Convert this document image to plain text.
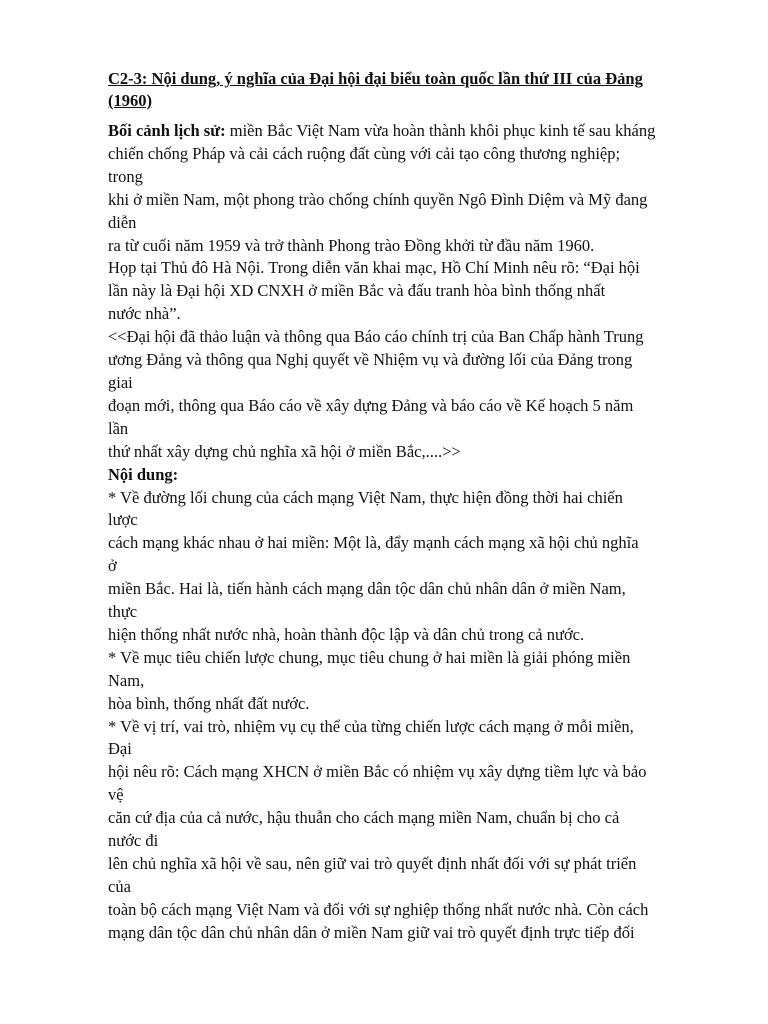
C2-3: Nội dung, ý nghĩa của Đại hội đại biểu toàn quốc lần thứ III của Đảng
(1960)

Bối cảnh lịch sử: miền Bắc Việt Nam vừa hoàn thành khôi phục kinh tế sau kháng

chiến chống Pháp và cải cách ruộng đất cùng với cải tạo công thương nghiệp;

trong

khi ở miền Nam, một phong trào chống chính quyền Ngô Đình Diệm và Mỹ đang

diễn

ra từ cuối năm 1959 và trở thành Phong trào Đồng khởi từ đầu năm 1960.

Họp tại Thủ đô Hà Nội. Trong diễn văn khai mạc, Hồ Chí Minh nêu rõ: “Đại hội

lần này là Đại hội XD CNXH ở miền Bắc và đấu tranh hòa bình thống nhất

nước nhà”.

<<Đại hội đã thảo luận và thông qua Báo cáo chính trị của Ban Chấp hành Trung

ương Đảng và thông qua Nghị quyết về Nhiệm vụ và đường lối của Đảng trong

giai

đoạn mới, thông qua Báo cáo về xây dựng Đảng và báo cáo về Kế hoạch 5 năm

lần

thứ nhất xây dựng chủ nghĩa xã hội ở miền Bắc,....>>

Nội dung:

* Về đường lối chung của cách mạng Việt Nam, thực hiện đồng thời hai chiến

lược

cách mạng khác nhau ở hai miền: Một là, đẩy mạnh cách mạng xã hội chủ nghĩa

ở

miền Bắc. Hai là, tiến hành cách mạng dân tộc dân chủ nhân dân ở miền Nam,

thực

hiện thống nhất nước nhà, hoàn thành độc lập và dân chủ trong cả nước.

* Về mục tiêu chiến lược chung, mục tiêu chung ở hai miền là giải phóng miền

Nam,

hòa bình, thống nhất đất nước.

* Về vị trí, vai trò, nhiệm vụ cụ thể của từng chiến lược cách mạng ở mỗi miền,

Đại

hội nêu rõ: Cách mạng XHCN ở miền Bắc có nhiệm vụ xây dựng tiềm lực và bảo

vệ

căn cứ địa của cả nước, hậu thuẫn cho cách mạng miền Nam, chuẩn bị cho cả

nước đi

lên chủ nghĩa xã hội về sau, nên giữ vai trò quyết định nhất đối với sự phát triển

của

toàn bộ cách mạng Việt Nam và đối với sự nghiệp thống nhất nước nhà. Còn cách

mạng dân tộc dân chủ nhân dân ở miền Nam giữ vai trò quyết định trực tiếp đối
